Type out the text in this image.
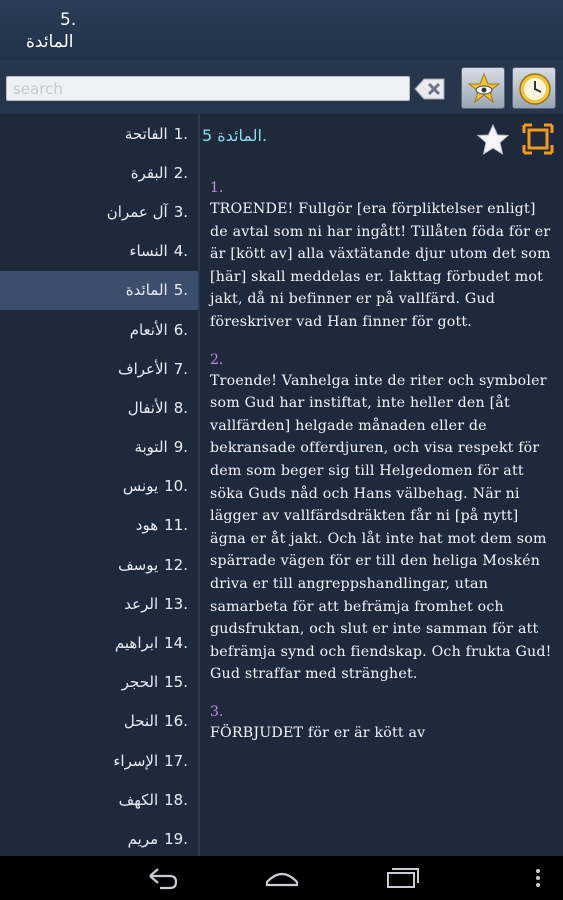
5.
المائدة
search
الفاتحة 1.
البقرة 2.
آل عمران 3.
النساء 4.
المائدة 5.
الأنعام 6.
الأعراف 7.
الأنفال 8.
التوبة 9.
يونس 10.
هود 11.
يوسف 12.
الرعد 13.
ابراهيم 14.
الحجر 15.
النحل 16.
الإسراء 17.
الكهف 18.
مريم 19.
المائدة 5.
1.
TROENDE! Fullgör [era förpliktelser enligt] de avtal som ni har ingått! Tillåten föda för er är [kött av] alla växtätande djur utom det som [här] skall meddelas er. Iakttag förbudet mot jakt, då ni befinner er på vallfärd. Gud föreskriver vad Han finner för gott.
2.
Troende! Vanhelga inte de riter och symboler som Gud har instiftat, inte heller den [åt vallfärden] helgade månaden eller de bekransade offerdjuren, och visa respekt för dem som beger sig till Helgedomen för att söka Guds nåd och Hans välbehag. När ni lägger av vallfärdsdräkten får ni [på nytt] ägna er åt jakt. Och låt inte hat mot dem som spärrade vägen för er till den heliga Moskén driva er till angreppshandlingar, utan samarbeta för att befrämja fromhet och gudsfruktan, och slut er inte samman för att befrämja synd och fiendskap. Och frukta Gud! Gud straffar med stränghet.
3.
FÖRBJUDET för er är kött av
